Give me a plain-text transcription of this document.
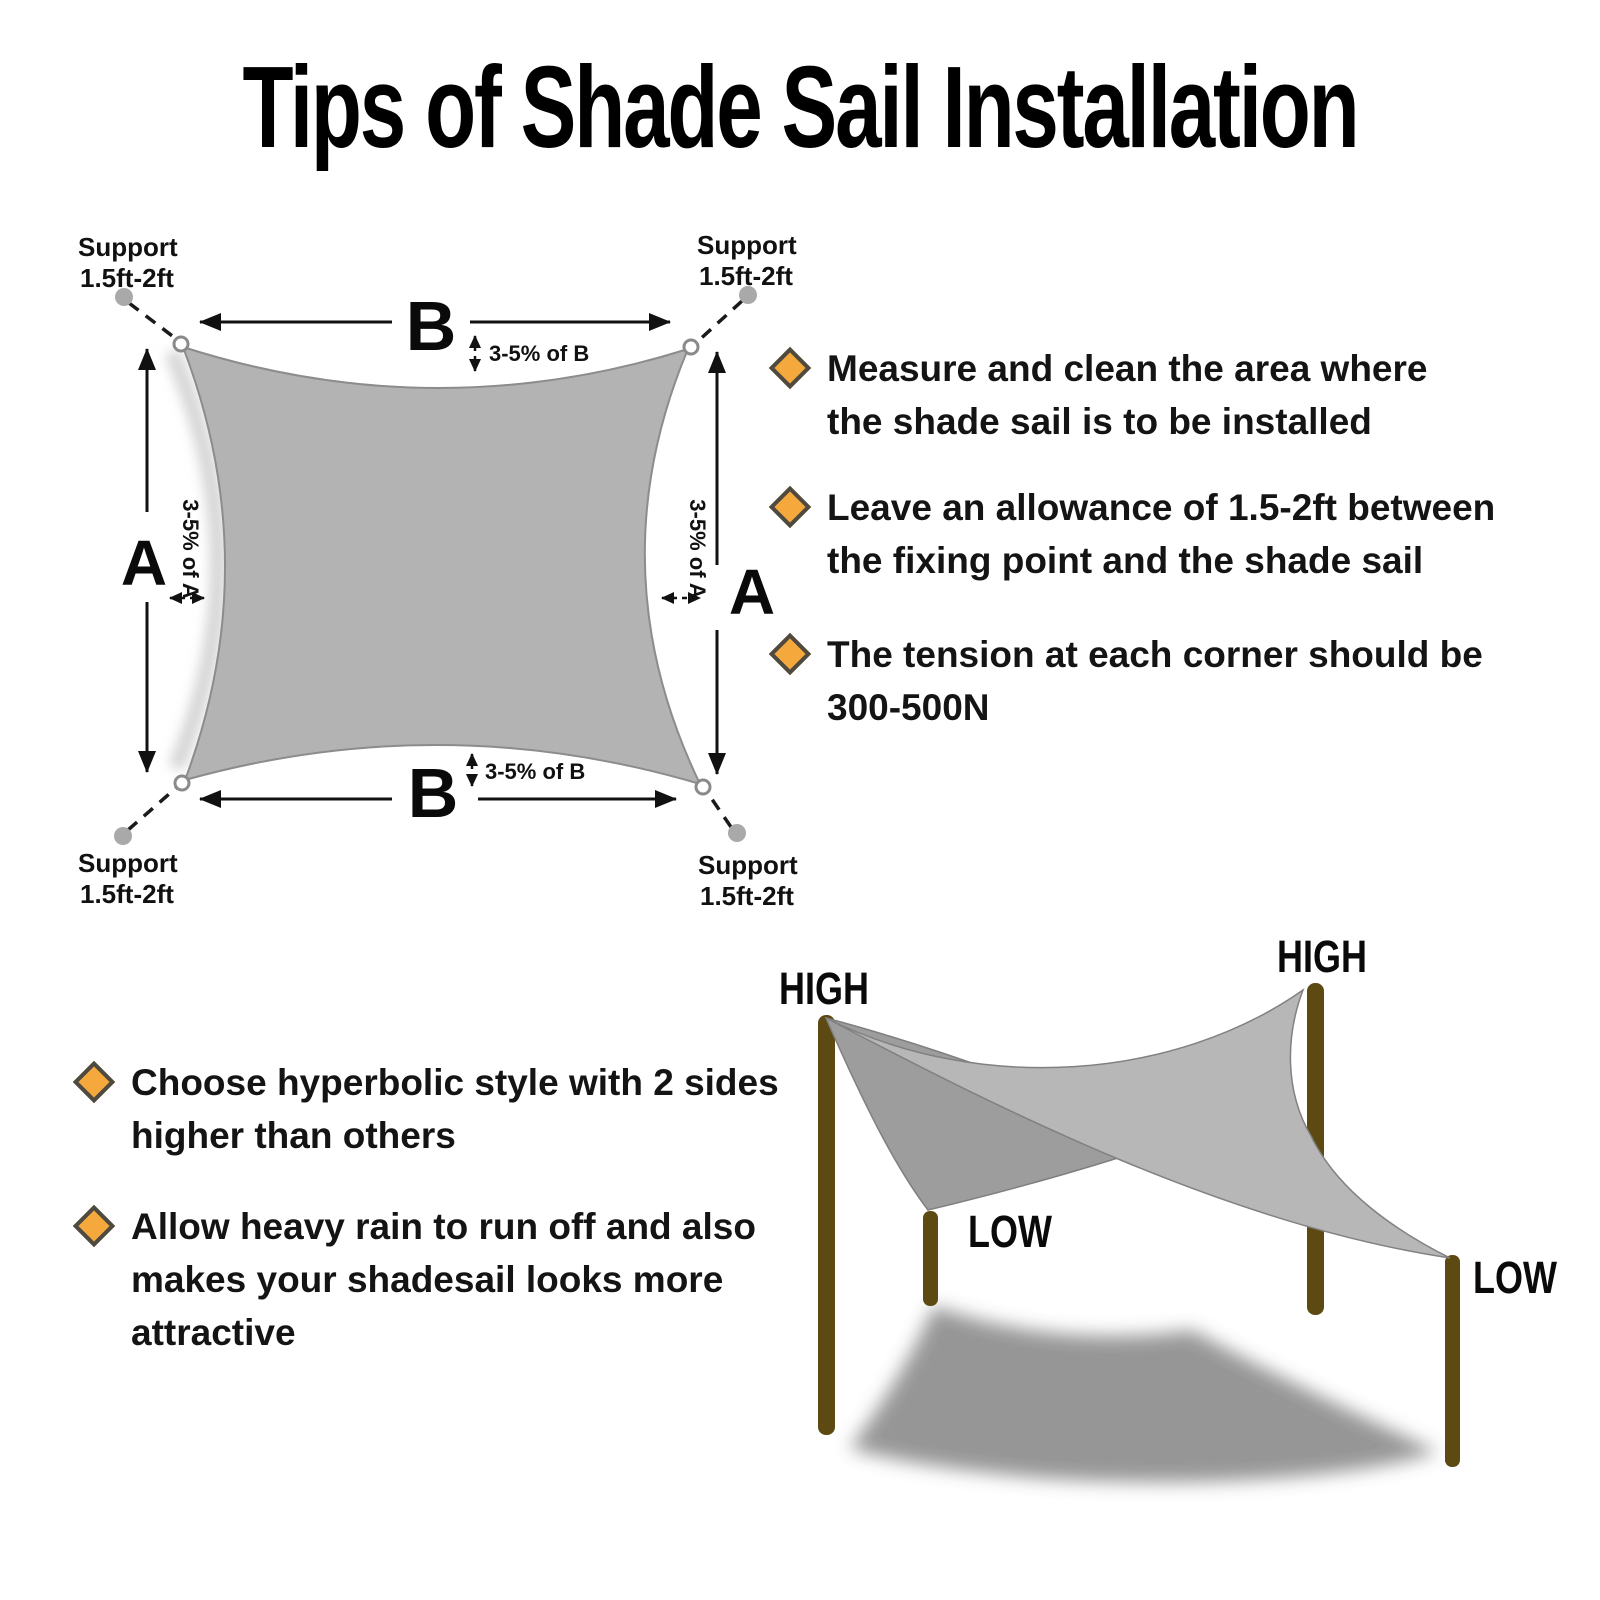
Tips of Shade Sail Installation
B 3-5% of B
B 3-5% of B
A 3-5% of A	A
3-5% of A
Support
1.5ft-2ft
Support
1.5ft-2ft
Support
1.5ft-2ft
Support
1.5ft-2ft
HIGH
HIGH
LOW
LOW
Measure and clean the area where
the shade sail is to be installed
Leave an allowance of 1.5-2ft between
the fixing point and the shade sail
The tension at each corner should be
300-500N
Choose hyperbolic style with 2 sides
higher than others
Allow heavy rain to run off and also
makes your shadesail looks more
attractive
